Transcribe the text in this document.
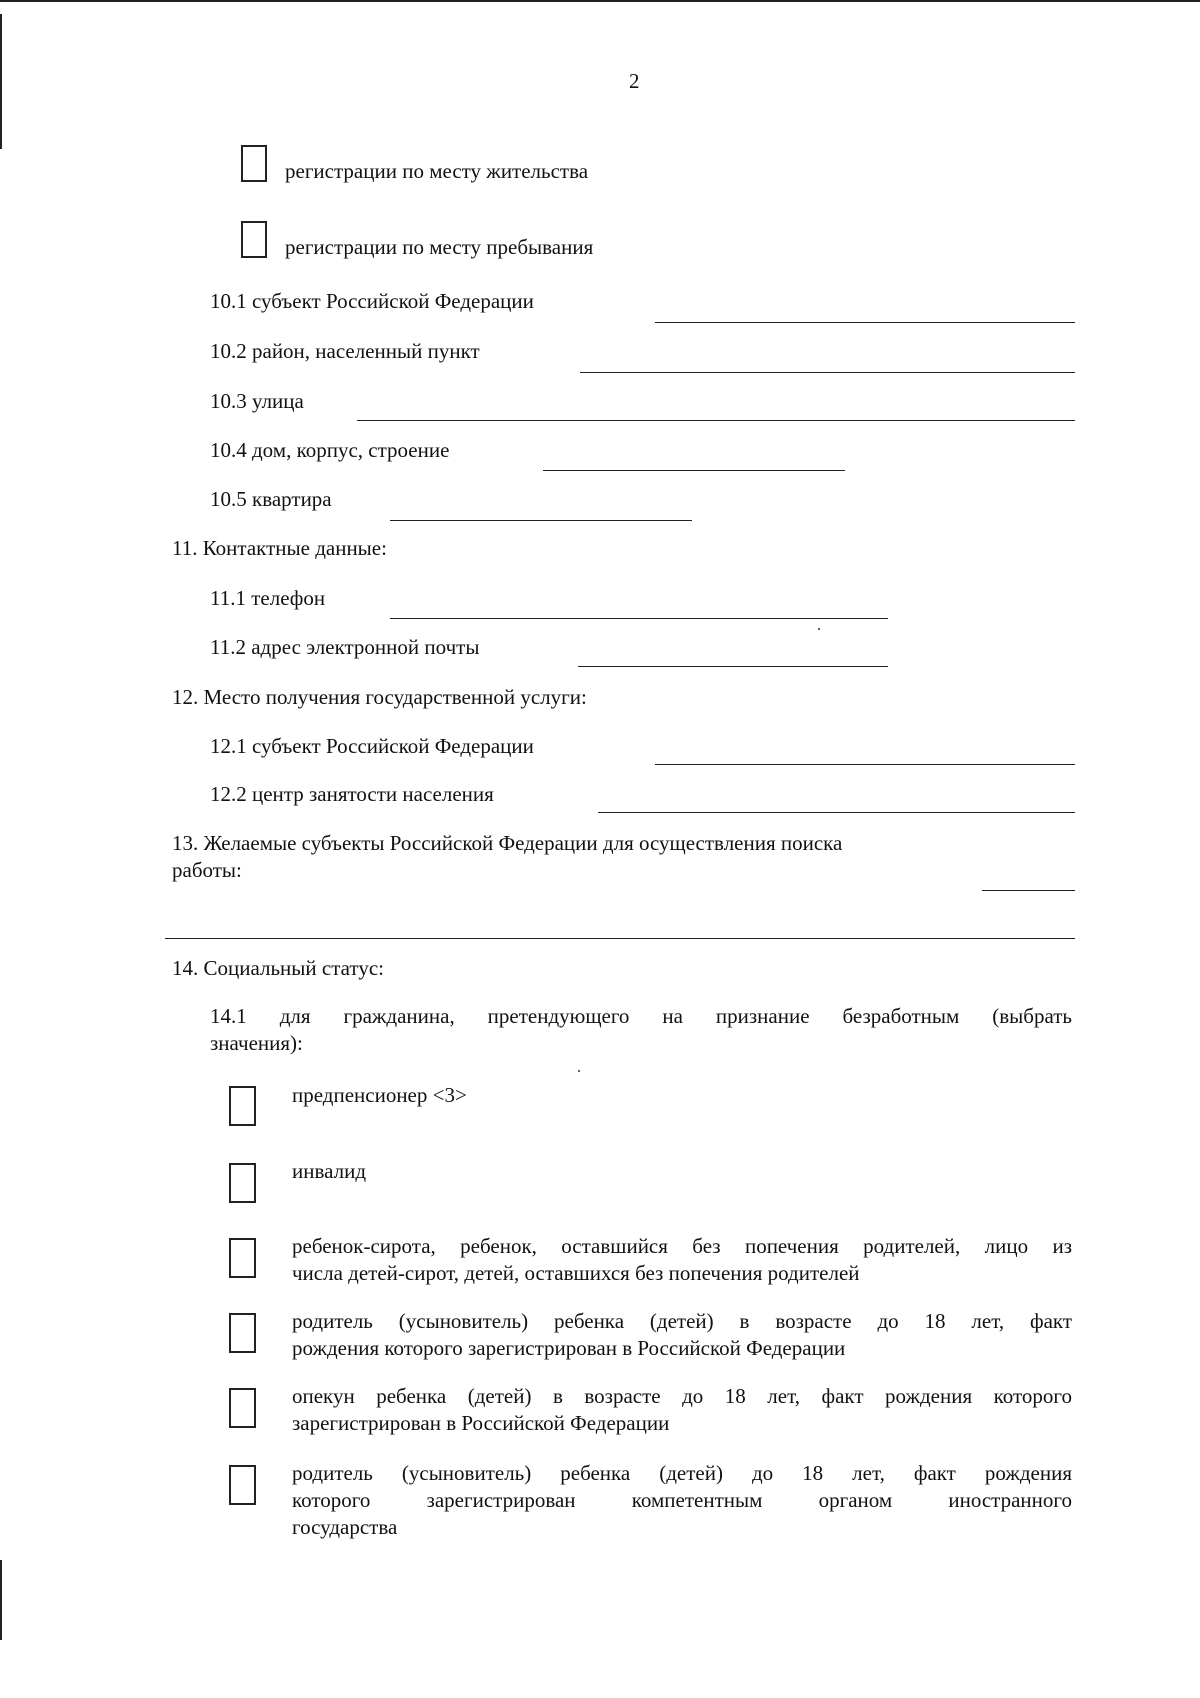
2
регистрации по месту жительства
регистрации по месту пребывания
10.1 субъект Российской Федерации
10.2 район, населенный пункт
10.3 улица
10.4 дом, корпус, строение
10.5 квартира
11. Контактные данные:
11.1 телефон
11.2 адрес электронной почты
12. Место получения государственной услуги:
12.1 субъект Российской Федерации
12.2 центр занятости населения
13. Желаемые субъекты Российской Федерации для осуществления поиска
работы:
14. Социальный статус:
14.1 для гражданина, претендующего на признание безработным (выбрать
значения):
предпенсионер <3>
инвалид
ребенок-сирота, ребенок, оставшийся без попечения родителей, лицо из
числа детей-сирот, детей, оставшихся без попечения родителей
родитель (усыновитель) ребенка (детей) в возрасте до 18 лет, факт
рождения которого зарегистрирован в Российской Федерации
опекун ребенка (детей) в возрасте до 18 лет, факт рождения которого
зарегистрирован в Российской Федерации
родитель (усыновитель) ребенка (детей) до 18 лет, факт рождения
которого зарегистрирован компетентным органом иностранного
государства
